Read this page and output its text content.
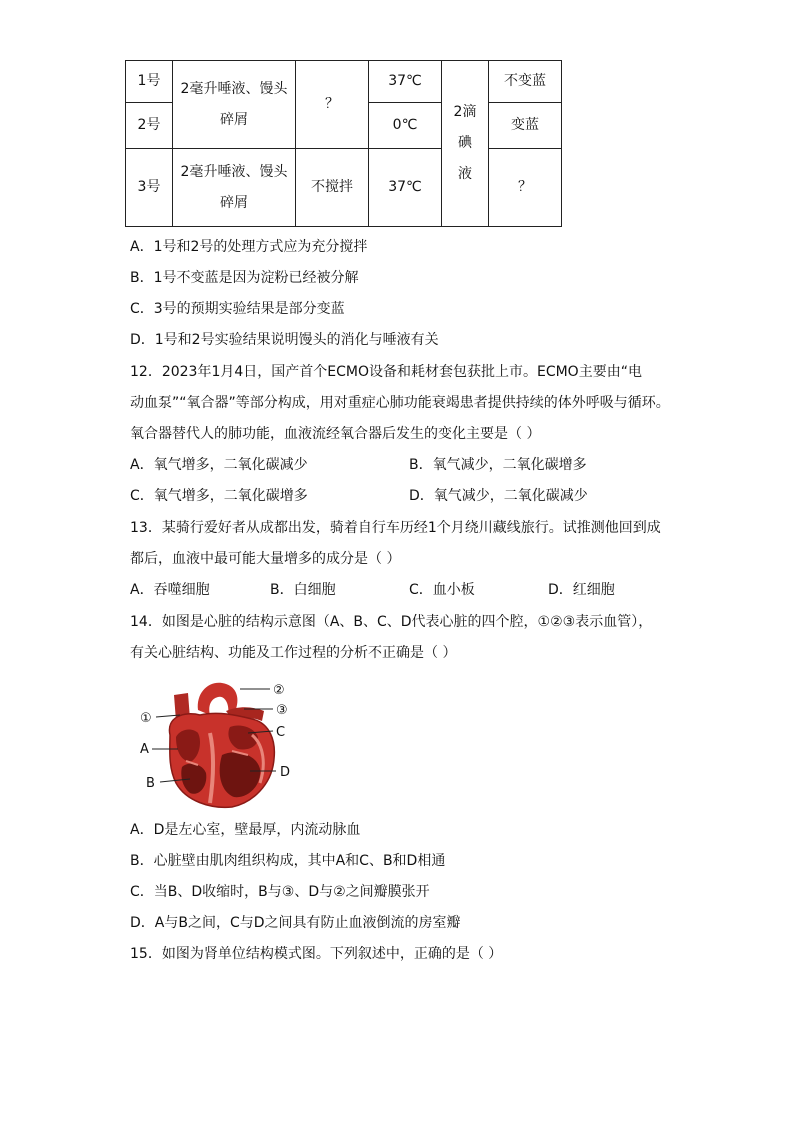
1号	2毫升唾液、馒头碎屑	？	37℃	2滴碘液	不变蓝
2号			0℃		变蓝
3号	2毫升唾液、馒头碎屑	不搅拌	37℃		？
A．1号和2号的处理方式应为充分搅拌
B．1号不变蓝是因为淀粉已经被分解
C．3号的预期实验结果是部分变蓝
D．1号和2号实验结果说明馒头的消化与唾液有关
12．2023年1月4日，国产首个ECMO设备和耗材套包获批上市。ECMO主要由“电
动血泵”“氧合器”等部分构成，用对重症心肺功能衰竭患者提供持续的体外呼吸与循环。
氧合器替代人的肺功能，血液流经氧合器后发生的变化主要是（ ）
A．氧气增多，二氧化碳减少	B．氧气减少，二氧化碳增多
C．氧气增多，二氧化碳增多	D．氧气减少，二氧化碳减少
13．某骑行爱好者从成都出发，骑着自行车历经1个月绕川藏线旅行。试推测他回到成
都后，血液中最可能大量增多的成分是（ ）
A．吞噬细胞	B．白细胞	C．血小板	D．红细胞
14．如图是心脏的结构示意图（A、B、C、D代表心脏的四个腔，①②③表示血管），
有关心脏结构、功能及工作过程的分析不正确是（ ）
①
②
③
A
B
C
D
A．D是左心室，壁最厚，内流动脉血
B．心脏壁由肌肉组织构成，其中A和C、B和D相通
C．当B、D收缩时，B与③、D与②之间瓣膜张开
D．A与B之间，C与D之间具有防止血液倒流的房室瓣
15．如图为肾单位结构模式图。下列叙述中，正确的是（ ）
